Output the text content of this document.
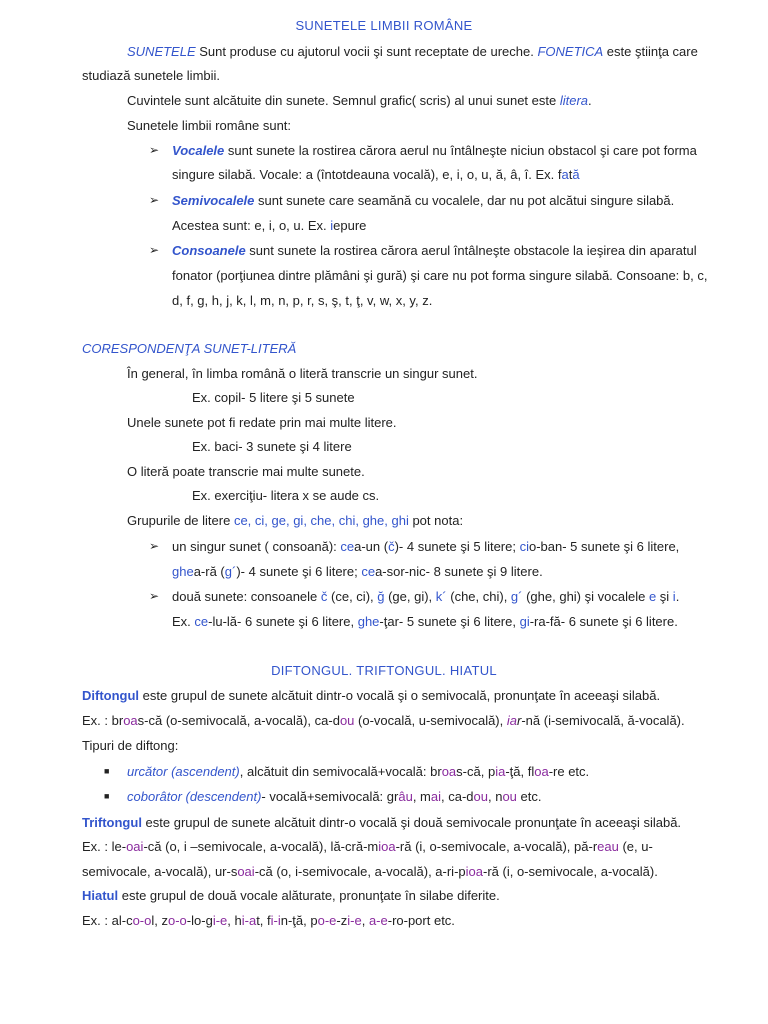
SUNETELE LIMBII ROMÂNE
SUNETELE Sunt produse cu ajutorul vocii şi sunt receptate de ureche. FONETICA este ştiinţa care
studiază sunetele limbii.
Cuvintele sunt alcătuite din sunete. Semnul grafic( scris) al unui sunet este litera.
Sunetele limbii române sunt:
➢ Vocalele sunt sunete la rostirea cărora aerul nu întâlneşte niciun obstacol şi care pot forma
singure silabă. Vocale: a (întotdeauna vocală), e, i, o, u, ă, â, î. Ex. fată
➢ Semivocalele sunt sunete care seamănă cu vocalele, dar nu pot alcătui singure silabă.
Acestea sunt: e, i, o, u. Ex. iepure
➢ Consoanele sunt sunete la rostirea cărora aerul întâlneşte obstacole la ieşirea din aparatul
fonator (porţiunea dintre plămâni şi gură) şi care nu pot forma singure silabă. Consoane: b, c,
d, f, g, h, j, k, l, m, n, p, r, s, ş, t, ţ, v, w, x, y, z.
CORESPONDENŢA SUNET-LITERĂ
În general, în limba română o literă transcrie un singur sunet.
Ex. copil- 5 litere şi 5 sunete
Unele sunete pot fi redate prin mai multe litere.
Ex. baci- 3 sunete şi 4 litere
O literă poate transcrie mai multe sunete.
Ex. exerciţiu- litera x se aude cs.
Grupurile de litere ce, ci, ge, gi, che, chi, ghe, ghi pot nota:
➢ un singur sunet ( consoană): cea-un (č)- 4 sunete şi 5 litere; cio-ban- 5 sunete şi 6 litere,
ghea-ră (g´)- 4 sunete şi 6 litere; cea-sor-nic- 8 sunete şi 9 litere.
➢ două sunete: consoanele č (ce, ci), ğ (ge, gi), k´ (che, chi), g´ (ghe, ghi) şi vocalele e şi i.
Ex. ce-lu-lă- 6 sunete şi 6 litere, ghe-ţar- 5 sunete şi 6 litere, gi-ra-fă- 6 sunete şi 6 litere.
DIFTONGUL. TRIFTONGUL. HIATUL
Diftongul este grupul de sunete alcătuit dintr-o vocală şi o semivocală, pronunţate în aceeaşi silabă.
Ex. : broas-că (o-semivocală, a-vocală), ca-dou (o-vocală, u-semivocală), iar-nă (i-semivocală, ă-vocală).
Tipuri de diftong:
■ urcător (ascendent), alcătuit din semivocală+vocală: broas-că, pia-ţă, floa-re etc.
■ coborâtor (descendent)- vocală+semivocală: grâu, mai, ca-dou, nou etc.
Triftongul este grupul de sunete alcătuit dintr-o vocală şi două semivocale pronunţate în aceeaşi silabă.
Ex. : le-oai-că (o, i –semivocale, a-vocală), lă-cră-mioa-ră (i, o-semivocale, a-vocală), pă-reau (e, u-
semivocale, a-vocală), ur-soai-că (o, i-semivocale, a-vocală), a-ri-pioa-ră (i, o-semivocale, a-vocală).
Hiatul este grupul de două vocale alăturate, pronunţate în silabe diferite.
Ex. : al-co-ol, zo-o-lo-gi-e, hi-at, fi-in-ţă, po-e-zi-e, a-e-ro-port etc.
